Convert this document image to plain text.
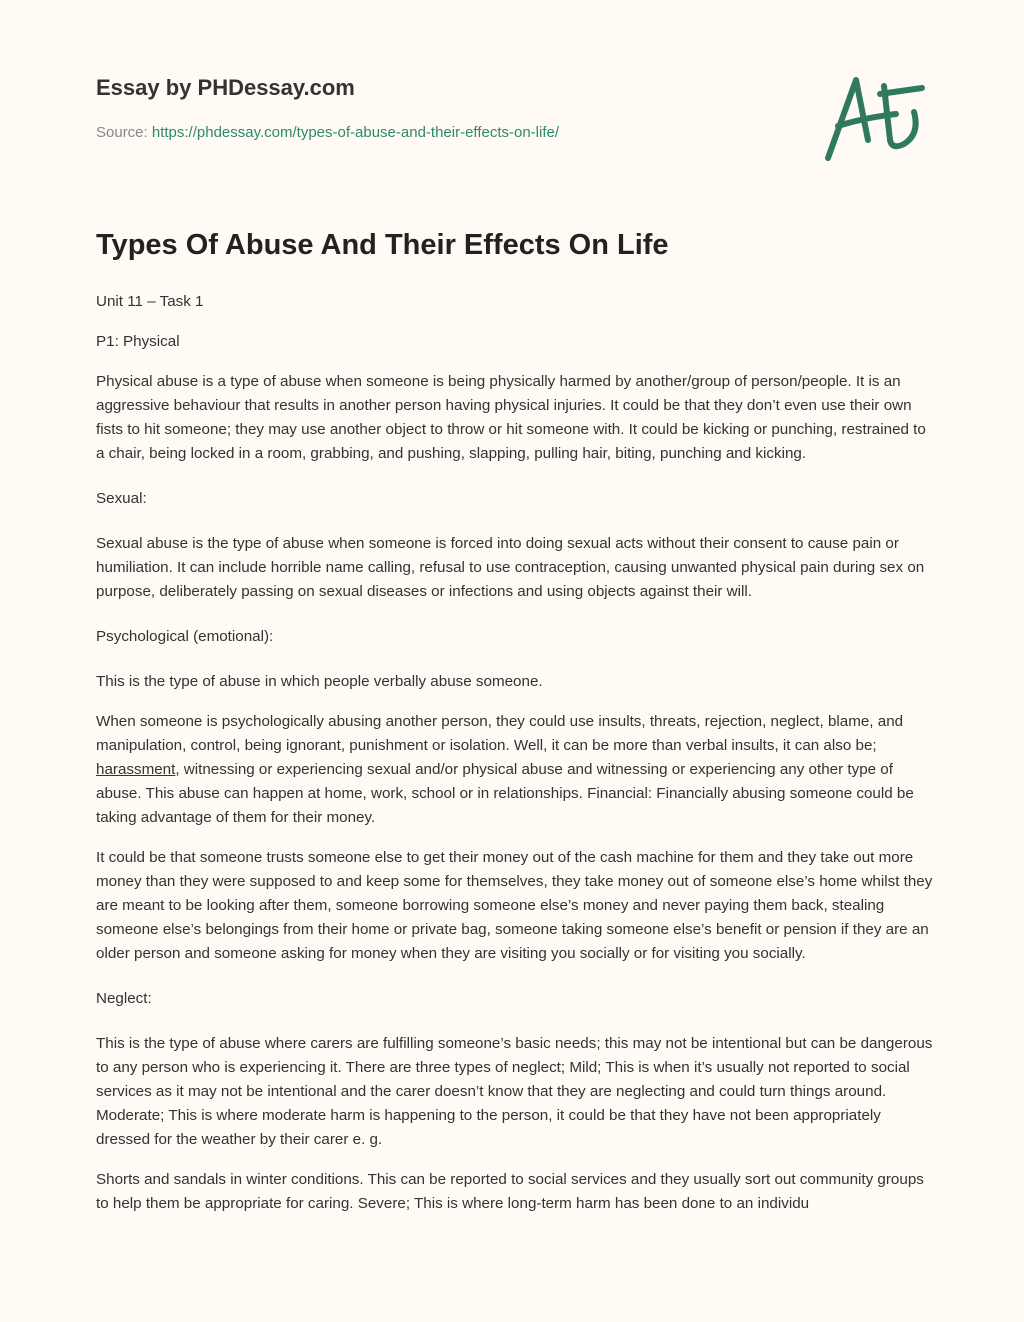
Essay by PHDessay.com

Source: https://phdessay.com/types-of-abuse-and-their-effects-on-life/
Types Of Abuse And Their Effects On Life

Unit 11 – Task 1

P1: Physical

Physical abuse is a type of abuse when someone is being physically harmed by another/group of person/people. It is an aggressive behaviour that results in another person having physical injuries. It could be that they don’t even use their own fists to hit someone; they may use another object to throw or hit someone with. It could be kicking or punching, restrained to a chair, being locked in a room, grabbing, and pushing, slapping, pulling hair, biting, punching and kicking.

Sexual:

Sexual abuse is the type of abuse when someone is forced into doing sexual acts without their consent to cause pain or humiliation. It can include horrible name calling, refusal to use contraception, causing unwanted physical pain during sex on purpose, deliberately passing on sexual diseases or infections and using objects against their will.

Psychological (emotional):

This is the type of abuse in which people verbally abuse someone.

When someone is psychologically abusing another person, they could use insults, threats, rejection, neglect, blame, and manipulation, control, being ignorant, punishment or isolation. Well, it can be more than verbal insults, it can also be; harassment, witnessing or experiencing sexual and/or physical abuse and witnessing or experiencing any other type of abuse. This abuse can happen at home, work, school or in relationships. Financial: Financially abusing someone could be taking advantage of them for their money.

It could be that someone trusts someone else to get their money out of the cash machine for them and they take out more money than they were supposed to and keep some for themselves, they take money out of someone else’s home whilst they are meant to be looking after them, someone borrowing someone else’s money and never paying them back, stealing someone else’s belongings from their home or private bag, someone taking someone else’s benefit or pension if they are an older person and someone asking for money when they are visiting you socially or for visiting you socially.

Neglect:

This is the type of abuse where carers are fulfilling someone’s basic needs; this may not be intentional but can be dangerous to any person who is experiencing it. There are three types of neglect; Mild; This is when it’s usually not reported to social services as it may not be intentional and the carer doesn’t know that they are neglecting and could turn things around. Moderate; This is where moderate harm is happening to the person, it could be that they have not been appropriately dressed for the weather by their carer e. g.

Shorts and sandals in winter conditions. This can be reported to social services and they usually sort out community groups to help them be appropriate for caring. Severe; This is where long-term harm has been done to an individu
